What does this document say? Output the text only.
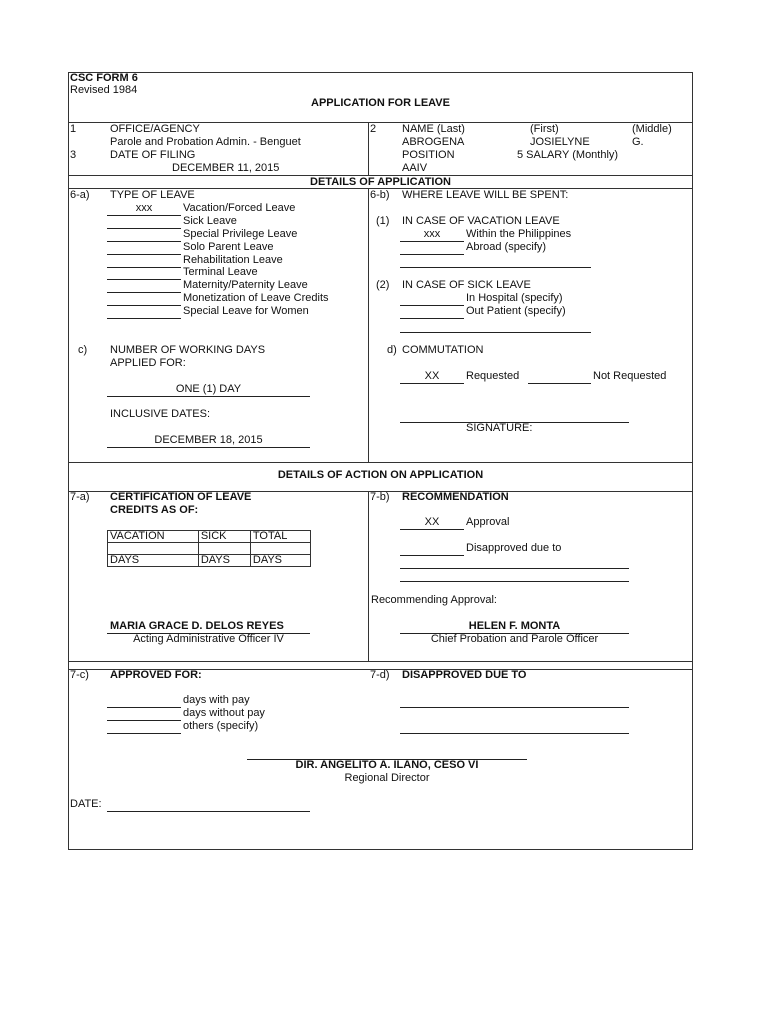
CSC FORM 6
Revised 1984
APPLICATION FOR LEAVE
1	OFFICE/AGENCY
Parole and Probation Admin. - Benguet
2 NAME (Last)	(First)	(Middle)
ABROGENA	JOSIELYNE	G.
3	DATE OF FILING
DECEMBER 11, 2015
POSITION
AAIV
5 SALARY (Monthly)
DETAILS OF APPLICATION
6-a) TYPE OF LEAVE
xxx	Vacation/Forced Leave
Sick Leave
Special Privilege Leave
Solo Parent Leave
Rehabilitation Leave
Terminal Leave
Maternity/Paternity Leave
Monetization of Leave Credits
Special Leave for Women
6-b) WHERE LEAVE WILL BE SPENT:
(1) IN CASE OF VACATION LEAVE
xxx	Within the Philippines
Abroad (specify)
(2) IN CASE OF SICK LEAVE
In Hospital (specify)
Out Patient (specify)
c) NUMBER OF WORKING DAYS
APPLIED FOR:
ONE (1) DAY
INCLUSIVE DATES:
DECEMBER 18, 2015
d) COMMUTATION
XX	Requested	Not Requested
SIGNATURE:
DETAILS OF ACTION ON APPLICATION
7-a) CERTIFICATION OF LEAVE
CREDITS AS OF:
VACATION	SICK	TOTAL

DAYS	DAYS	DAYS
MARIA GRACE D. DELOS REYES
Acting Administrative Officer IV
7-b) RECOMMENDATION
XX	Approval
Disapproved due to
Recommending Approval:
HELEN F. MONTA
Chief Probation and Parole Officer
7-c) APPROVED FOR:
days with pay
days without pay
others (specify)
7-d) DISAPPROVED DUE TO
DIR. ANGELITO A. ILANO, CESO VI
Regional Director
DATE:
